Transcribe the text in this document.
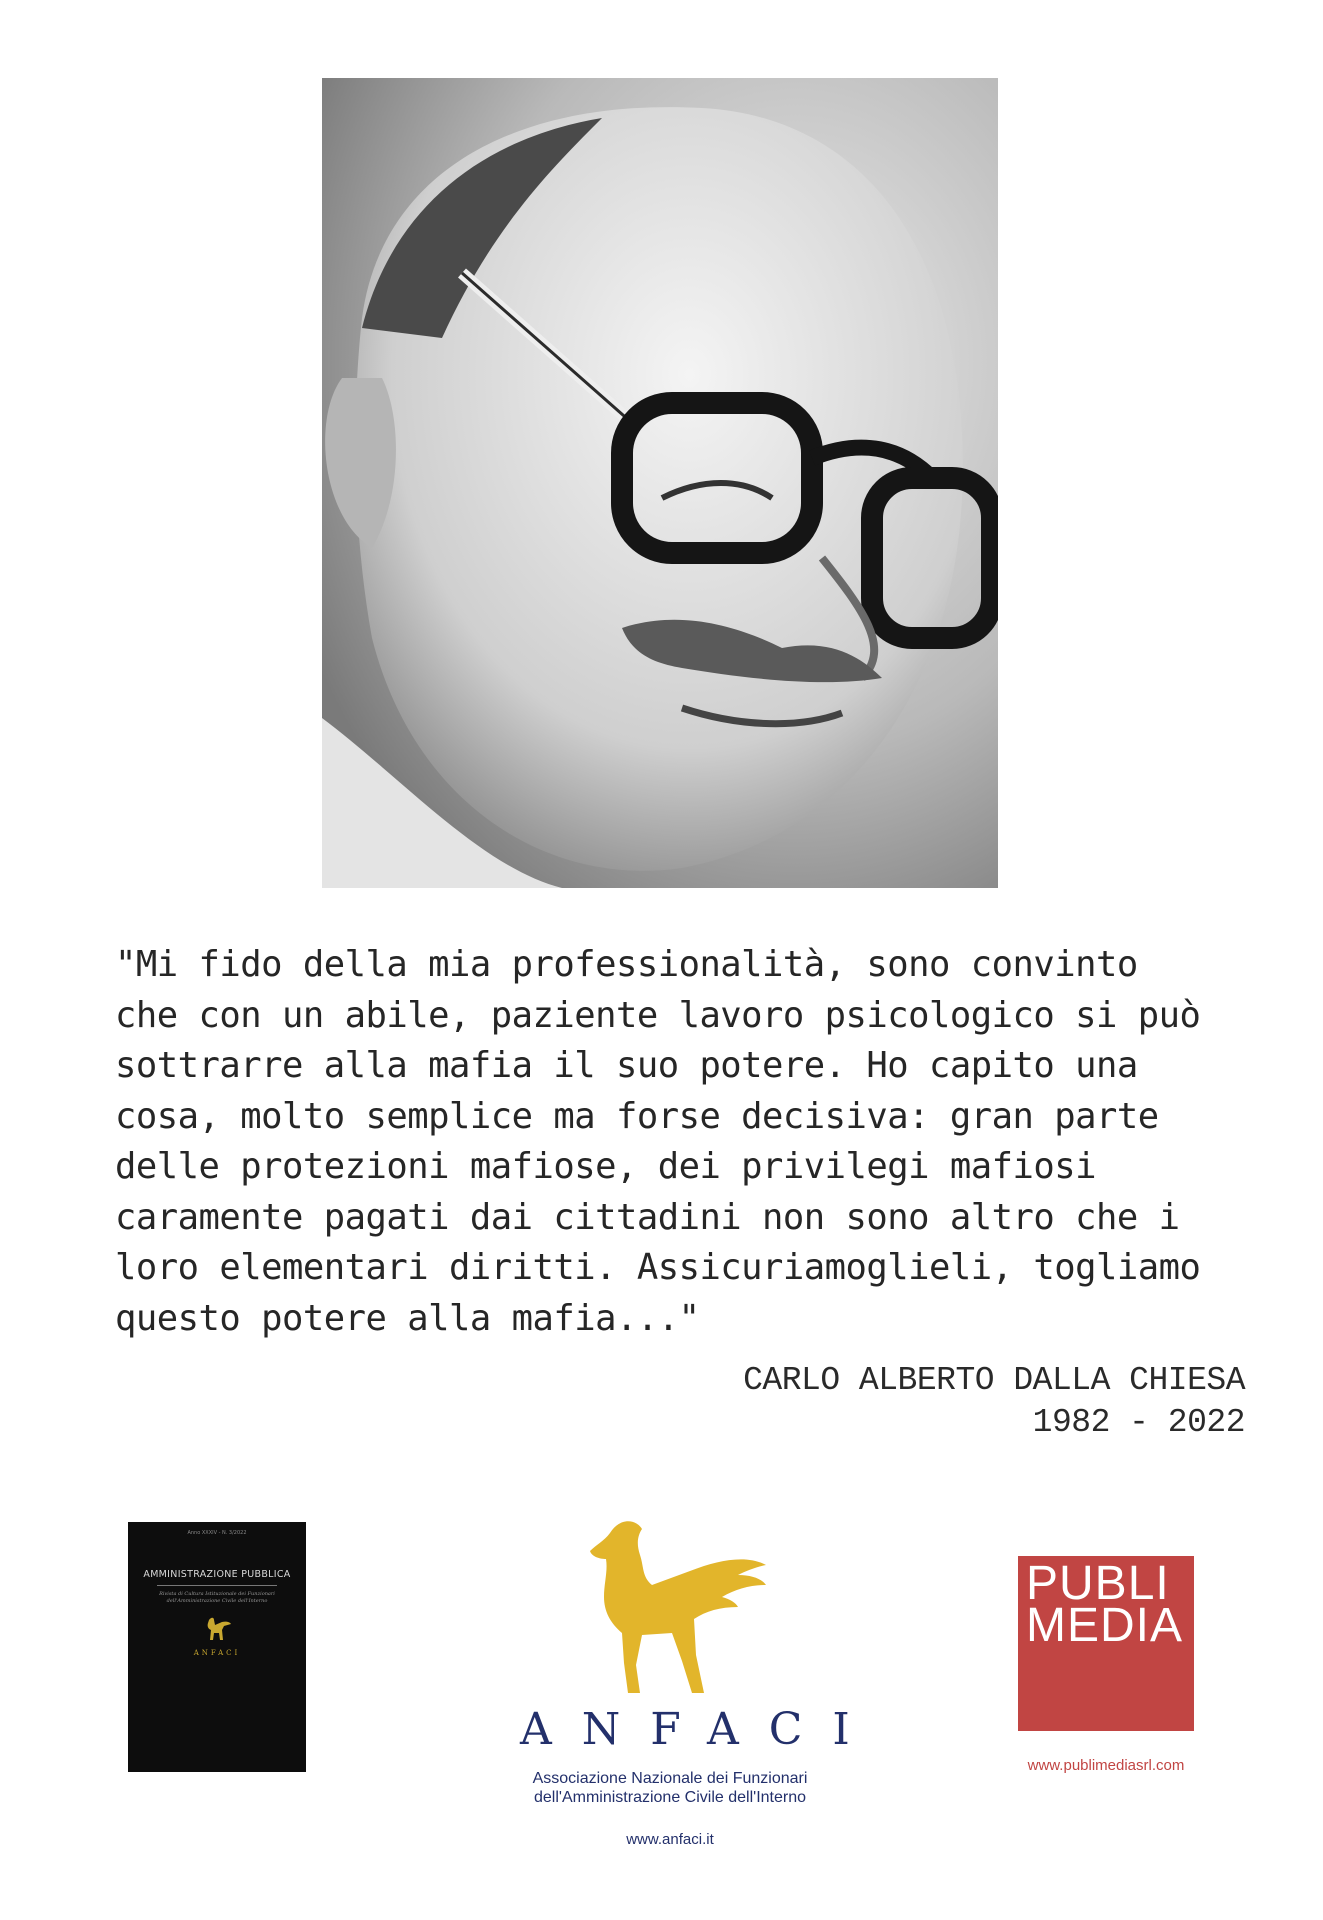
"Mi fido della mia professionalità, sono convinto
che con un abile, paziente lavoro psicologico si può
sottrarre alla mafia il suo potere. Ho capito una
cosa, molto semplice ma forse decisiva: gran parte
delle protezioni mafiose, dei privilegi mafiosi
caramente pagati dai cittadini non sono altro che i
loro elementari diritti. Assicuriamoglieli, togliamo
questo potere alla mafia..."
CARLO ALBERTO DALLA CHIESA
1982 - 2022
Anno XXXIV - N. 3/2022
AMMINISTRAZIONE PUBBLICA
Rivista di Cultura Istituzionale dei Funzionari dell'Amministrazione Civile dell'Interno
ANFACI
ANFACI
Associazione Nazionale dei Funzionari
dell'Amministrazione Civile dell'Interno
www.anfaci.it
PUBLI
MEDIA
www.publimediasrl.com
